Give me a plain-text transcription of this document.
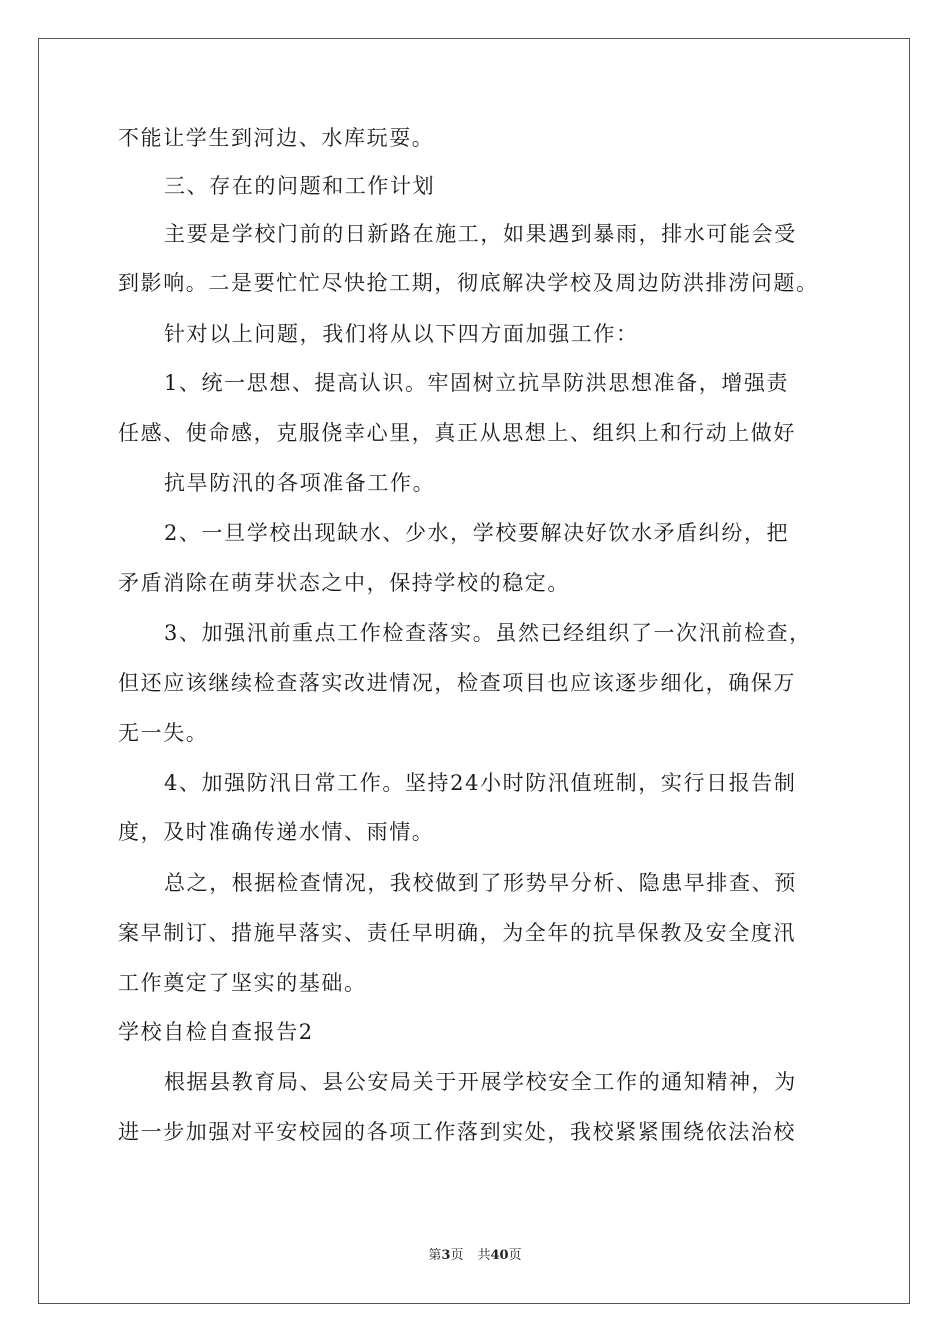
不能让学生到河边、水库玩耍。
三、存在的问题和工作计划
主要是学校门前的日新路在施工，如果遇到暴雨，排水可能会受
到影响。二是要忙忙尽快抢工期，彻底解决学校及周边防洪排涝问题。
针对以上问题，我们将从以下四方面加强工作：
1、统一思想、提高认识。牢固树立抗旱防洪思想准备，增强责
任感、使命感，克服侥幸心里，真正从思想上、组织上和行动上做好
抗旱防汛的各项准备工作。
2、一旦学校出现缺水、少水，学校要解决好饮水矛盾纠纷，把
矛盾消除在萌芽状态之中，保持学校的稳定。
3、加强汛前重点工作检查落实。虽然已经组织了一次汛前检查，
但还应该继续检查落实改进情况，检查项目也应该逐步细化，确保万
无一失。
4、加强防汛日常工作。坚持24小时防汛值班制，实行日报告制
度，及时准确传递水情、雨情。
总之，根据检查情况，我校做到了形势早分析、隐患早排查、预
案早制订、措施早落实、责任早明确，为全年的抗旱保教及安全度汛
工作奠定了坚实的基础。
学校自检自查报告2
根据县教育局、县公安局关于开展学校安全工作的通知精神，为
进一步加强对平安校园的各项工作落到实处，我校紧紧围绕依法治校
第3页 共40页
